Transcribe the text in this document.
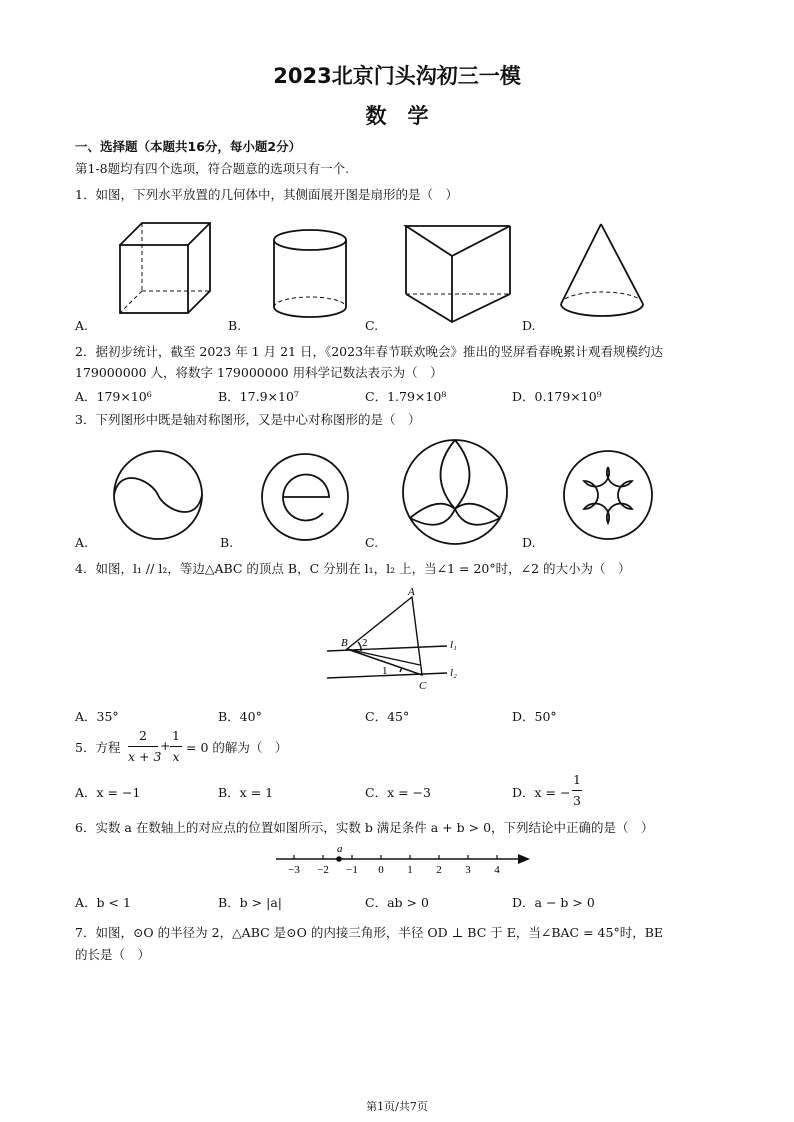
2023北京门头沟初三一模
数　学
一、选择题（本题共16分，每小题2分）
第1-8题均有四个选项，符合题意的选项只有一个.
1．如图，下列水平放置的几何体中，其侧面展开图是扇形的是（　）
A.	B.	C.	D.
2．据初步统计，截至 2023 年 1 月 21 日，《2023年春节联欢晚会》推出的竖屏看春晚累计观看规模约达
179000000 人，将数字 179000000 用科学记数法表示为（　）
A．179×10⁶	B．17.9×10⁷	C．1.79×10⁸	D．0.179×10⁹
3．下列图形中既是轴对称图形，又是中心对称图形的是（　）
A.	B.	C.	D.
4．如图，l₁ // l₂，等边△ABC 的顶点 B，C 分别在 l₁，l₂ 上，当∠1 = 20°时，∠2 的大小为（　）
A
B
C
2
1
l₁
l₂
A．35°	B．40°	C．45°	D．50°
5．方程
2
x + 3
+
1
x
= 0 的解为（　）
A．x = −1	B．x = 1	C．x = −3	D．x = −
1
3
6．实数 a 在数轴上的对应点的位置如图所示，实数 b 满足条件 a + b > 0，下列结论中正确的是（　）
−3 −2 −1 0 1 2 3 4
a
A．b < 1	B．b > |a|	C．ab > 0	D．a − b > 0
7．如图，⊙O 的半径为 2，△ABC 是⊙O 的内接三角形，半径 OD ⊥ BC 于 E，当∠BAC = 45°时，BE
的长是（　）
第1页/共7页
